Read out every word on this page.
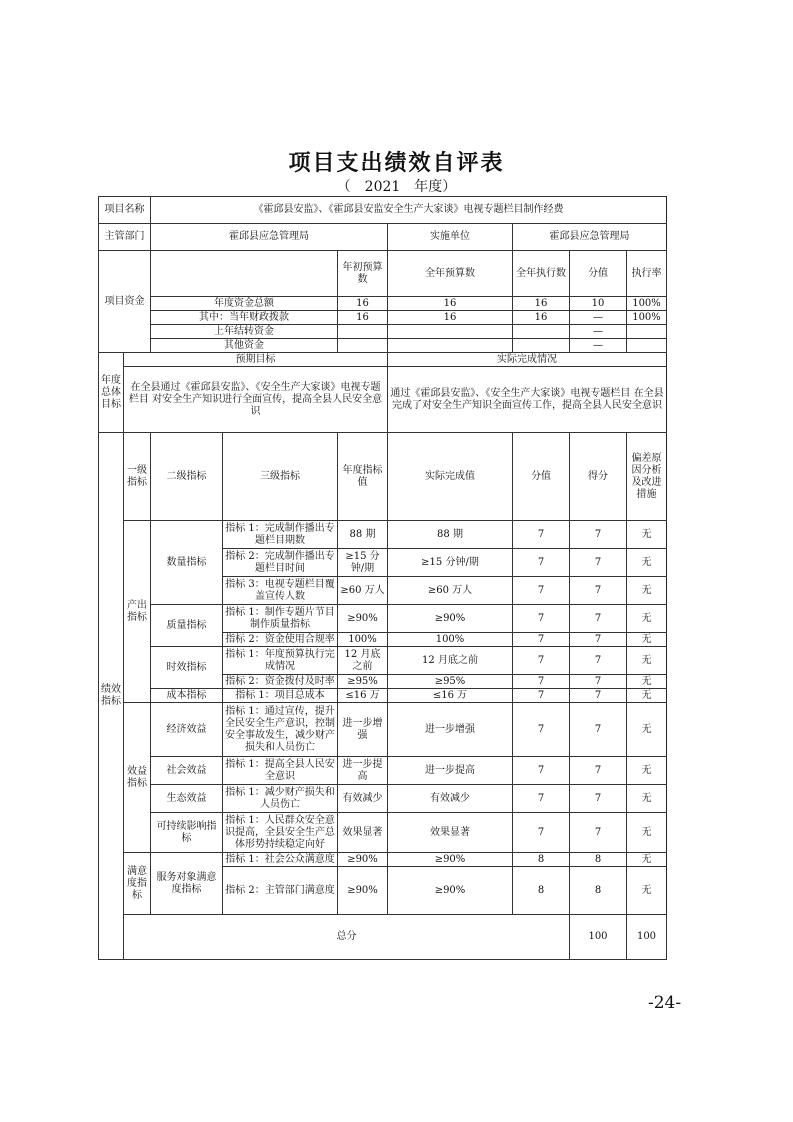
项目支出绩效自评表
（　2021　年度）
项目名称		《霍邱县安监》、《霍邱县安监安全生产大家谈》电视专题栏目制作经费							
主管部门		霍邱县应急管理局			实施单位	霍邱县应急管理局			
项目资金				年初预算数	全年预算数	全年执行数	分值	执行率	
		年度资金总额		16	16	16	10	100%	
		其中：当年财政拨款		16	16	16	—	100%	
		上年结转资金					—		
		其他资金					—		
年度总体目标	预期目标				实际完成情况				
	在全县通过《霍邱县安监》、《安全生产大家谈》电视专题栏目 对安全生产知识进行全面宣传，提高全县人民安全意识				通过《霍邱县安监》、《安全生产大家谈》电视专题栏目 在全县完成了对安全生产知识全面宣传工作，提高全县人民安全意识				
绩效指标	一级指标	二级指标	三级指标	年度指标值	实际完成值	分值	得分	偏差原因分析及改进措施	
	产出指标	数量指标	指标 1：完成制作播出专题栏目期数	88 期	88 期	7	7	无	
			指标 2：完成制作播出专题栏目时间	≥15 分钟/期	≥15 分钟/期	7	7	无	
			指标 3：电视专题栏目覆盖宣传人数	≥60 万人	≥60 万人	7	7	无	
		质量指标	指标 1：制作专题片节目制作质量指标	≥90%	≥90%	7	7	无	
			指标 2：资金使用合规率	100%	100%	7	7	无	
		时效指标	指标 1：年度预算执行完成情况	12 月底之前	12 月底之前	7	7	无	
			指标 2：资金拨付及时率	≥95%	≥95%	7	7	无	
		成本指标	指标 1：项目总成本	≤16 万	≤16 万	7	7	无	
	效益指标	经济效益	指标 1：通过宣传，提升全民安全生产意识，控制安全事故发生，减少财产损失和人员伤亡	进一步增强	进一步增强	7	7	无	
		社会效益	指标 1：提高全县人民安全意识	进一步提高	进一步提高	7	7	无	
		生态效益	指标 1：减少财产损失和人员伤亡	有效减少	有效减少	7	7	无	
		可持续影响指标	指标 1：人民群众安全意识提高，全县安全生产总体形势持续稳定向好	效果显著	效果显著	7	7	无	
	满意度指标	服务对象满意度指标	指标 1：社会公众满意度	≥90%	≥90%	8	8	无	
			指标 2：主管部门满意度	≥90%	≥90%	8	8	无	
	总分						100	100	
-24-
